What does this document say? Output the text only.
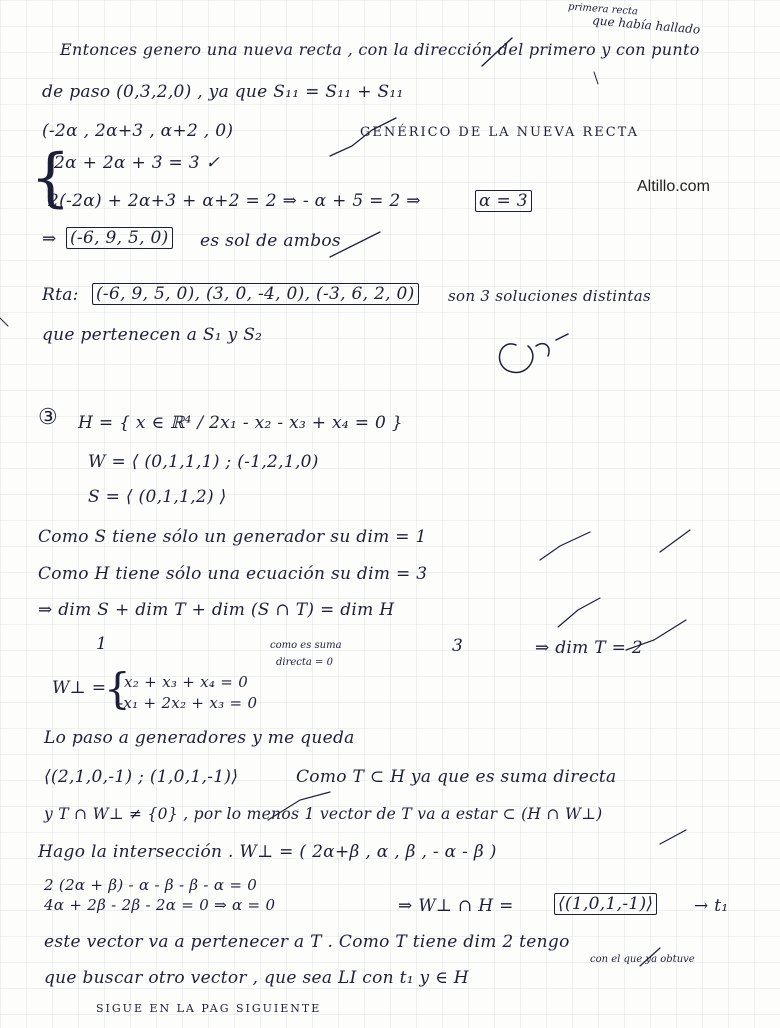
primera recta
que había hallado
Altillo.com
Entonces genero una nueva recta , con la dirección del primero y con punto
de paso (0,3,2,0) , ya que S₁₁ = S₁₁ + S₁₁
(-2α , 2α+3 , α+2 , 0)	GENÉRICO DE LA NUEVA RECTA
{
-2α + 2α + 3 = 3 ✓
2(-2α) + 2α+3 + α+2 = 2 ⇒ - α + 5 = 2 ⇒	α = 3
⇒ (-6, 9, 5, 0) es sol de ambos
Rta: (-6, 9, 5, 0), (3, 0, -4, 0), (-3, 6, 2, 0) son 3 soluciones distintas
que pertenecen a S₁ y S₂
③ H = { x ∈ ℝ⁴ / 2x₁ - x₂ - x₃ + x₄ = 0 }
W = ⟨ (0,1,1,1) ; (-1,2,1,0)
S = ⟨ (0,1,1,2) ⟩
Como S tiene sólo un generador su dim = 1
Como H tiene sólo una ecuación su dim = 3
⇒ dim S + dim T + dim (S ∩ T) = dim H
1	como es suma
directa = 0
3	⇒ dim T = 2
W⊥ =
{
x₂ + x₃ + x₄ = 0
-x₁ + 2x₂ + x₃ = 0
Lo paso a generadores y me queda
⟨(2,1,0,-1) ; (1,0,1,-1)⟩	Como T ⊂ H ya que es suma directa
y T ∩ W⊥ ≠ {0} , por lo menos 1 vector de T va a estar ⊂ (H ∩ W⊥)
Hago la intersección . W⊥ = ( 2α+β , α , β , - α - β )
2 (2α + β) - α - β - β - α = 0
4α + 2β - 2β - 2α = 0 ⇒ α = 0	⇒ W⊥ ∩ H =	⟨(1,0,1,-1)⟩ → t₁
este vector va a pertenecer a T . Como T tiene dim 2 tengo
que buscar otro vector , que sea LI con t₁ y ∈ H
con el que ya obtuve
SIGUE EN LA PAG SIGUIENTE
